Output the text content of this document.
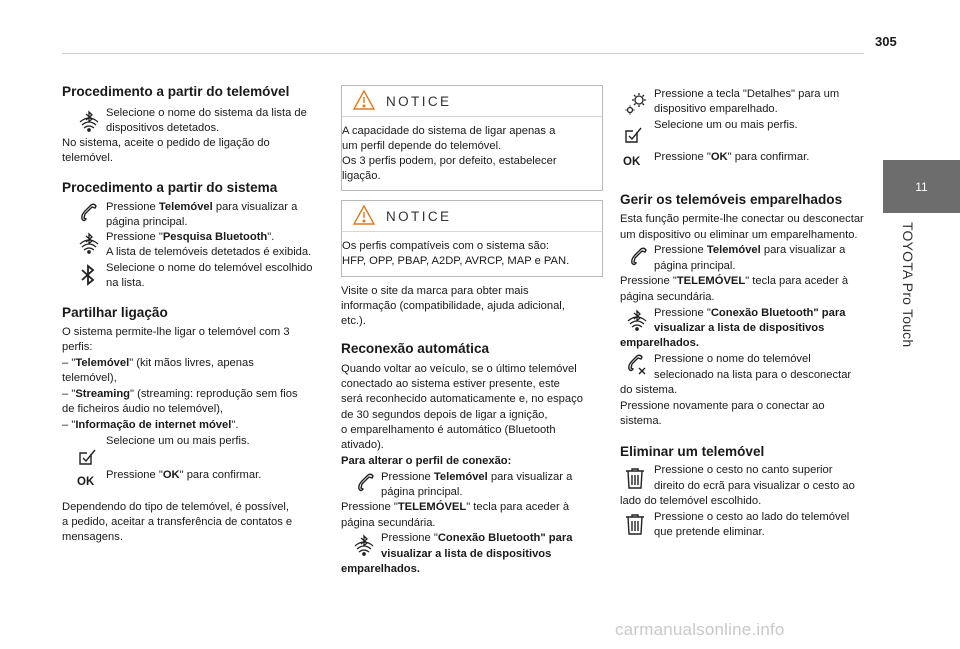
305
11
TOYOTA Pro Touch
Procedimento a partir do telemóvel

Selecione o nome do sistema da lista de

dispositivos detetados.

No sistema, aceite o pedido de ligação do

telemóvel.

Procedimento a partir do sistema

Pressione Telemóvel para visualizar a

página principal.

Pressione "Pesquisa Bluetooth".

A lista de telemóveis detetados é exibida.

Selecione o nome do telemóvel escolhido

na lista.

Partilhar ligação

O sistema permite-lhe ligar o telemóvel com 3

perfis:

– "Telemóvel" (kit mãos livres, apenas

telemóvel),

– "Streaming" (streaming: reprodução sem fios

de ficheiros áudio no telemóvel),

– "Informação de internet móvel".

Selecione um ou mais perfis.

OK

Pressione "OK" para confirmar.

Dependendo do tipo de telemóvel, é possível,

a pedido, aceitar a transferência de contatos e

mensagens.

NOTICE

A capacidade do sistema de ligar apenas a

um perfil depende do telemóvel.

Os 3 perfis podem, por defeito, estabelecer

ligação.

NOTICE

Os perfis compatíveis com o sistema são:

HFP, OPP, PBAP, A2DP, AVRCP, MAP e PAN.

Visite o site da marca para obter mais

informação (compatibilidade, ajuda adicional,

etc.).

Reconexão automática

Quando voltar ao veículo, se o último telemóvel

conectado ao sistema estiver presente, este

será reconhecido automaticamente e, no espaço

de 30 segundos depois de ligar a ignição,

o emparelhamento é automático (Bluetooth

ativado).

Para alterar o perfil de conexão:

Pressione Telemóvel para visualizar a

página principal.

Pressione "TELEMÓVEL" tecla para aceder à

página secundária.

Pressione "Conexão Bluetooth" para

visualizar a lista de dispositivos

emparelhados.

Pressione a tecla "Detalhes" para um

dispositivo emparelhado.

Selecione um ou mais perfis.

OK Pressione "OK" para confirmar.

Gerir os telemóveis emparelhados

Esta função permite-lhe conectar ou desconectar

um dispositivo ou eliminar um emparelhamento.

Pressione Telemóvel para visualizar a

página principal.

Pressione "TELEMÓVEL" tecla para aceder à

página secundária.

Pressione "Conexão Bluetooth" para

visualizar a lista de dispositivos

emparelhados.

Pressione o nome do telemóvel

selecionado na lista para o desconectar

do sistema.

Pressione novamente para o conectar ao

sistema.

Eliminar um telemóvel

Pressione o cesto no canto superior

direito do ecrã para visualizar o cesto ao

lado do telemóvel escolhido.

Pressione o cesto ao lado do telemóvel

que pretende eliminar.

carmanualsonline.info
